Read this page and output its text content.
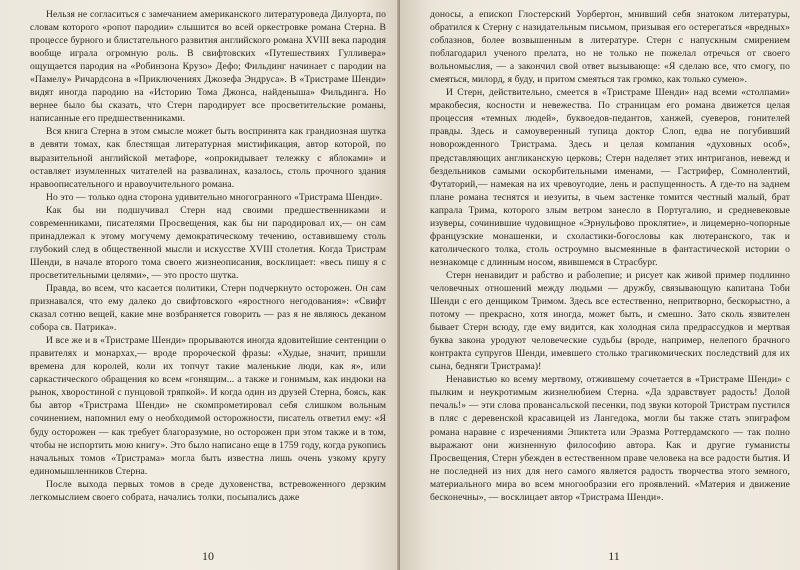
Нельзя не согласиться с замечанием американского литературоведа Дилуорта, по словам которого «ропот пародии» слышится во всей оркестровке романа Стерна. В процессе бурного и блистательного развития английского романа XVIII века пародия вообще играла огромную роль. В свифтовских «Путешествиях Гулливера» ощущается пародия на «Робинзона Крузо» Дефо; Фильдинг начинает с пародии на «Памелу» Ричардсона в «Приключениях Джозефа Эндруса». В «Тристраме Шенди» видят иногда пародию на «Историю Тома Джонса, найденыша» Фильдинга. Но вернее было бы сказать, что Стерн пародирует все просветительские романы, написанные его предшественниками.

Вся книга Стерна в этом смысле может быть воспринята как грандиозная шутка в девяти томах, как блестящая литературная мистификация, автор которой, по выразительной английской метафоре, «опрокидывает тележку с яблоками» и оставляет изумленных читателей на развалинах, казалось, столь прочного здания нравоописательного и нравоучительного романа.

Но это — только одна сторона удивительно многогранного «Тристрама Шенди».

Как бы ни подшучивал Стерн над своими предшественниками и современниками, писателями Просвещения, как бы ни пародировал их,— он сам принадлежал к этому могучему демократическому течению, оставившему столь глубокий след в общественной мысли и искусстве XVIII столетия. Когда Тристрам Шенди, в начале второго тома своего жизнеописания, восклицает: «весь пишу я с просветительными целями», — это просто шутка.

Правда, во всем, что касается политики, Стерн подчеркнуто осторожен. Он сам признавался, что ему далеко до свифтовского «яростного негодования»: «Свифт сказал сотню вещей, какие мне возбраняется говорить — раз я не являюсь деканом собора св. Патрика».

И все же и в «Тристраме Шенди» прорываются иногда ядовитейшие сентенции о правителях и монархах,— вроде пророческой фразы: «Худые, значит, пришли времена для королей, коли их топчут такие маленькие люди, как я», или саркастического обращения ко всем «гонящим... а также и гонимым, как индюки на рынок, хворостиной с пунцовой тряпкой». И когда один из друзей Стерна, боясь, как бы автор «Тристрама Шенди» не скомпрометировал себя слишком вольным сочинением, напомнил ему о необходимой осторожности, писатель ответил ему: «Я буду осторожен — как требует благоразумие, но осторожен при этом также и в том, чтобы не испортить мою книгу». Это было написано еще в 1759 году, когда рукопись начальных томов «Тристрама» могла быть известна лишь очень узкому кругу единомышленников Стерна.

После выхода первых томов в среде духовенства, встревоженного дерзким легкомыслием своего собрата, начались толки, посыпались даже

10

доносы, а епископ Глостерский Уорбертон, мнивший себя знатоком литературы, обратился к Стерну с назидательным письмом, призывая его остерегаться «вредных» соблазнов, более возвышенным в литературе. Стерн с напускным смирением поблагодарил ученого прелата, но не только не пожелал отречься от своего вольномыслия, — а закончил свой ответ вызывающе: «Я сделаю все, что смогу, по смеяться, милорд, я буду, и притом смеяться так громко, как только сумею».

И Стерн, действительно, смеется в «Тристраме Шенди» над всеми «столпами» мракобесия, косности и невежества. По страницам его романа движется целая процессия «темных людей», буквоедов-педантов, ханжей, суеверов, гонителей правды. Здесь и самоуверенный тупица доктор Слоп, едва не погубивший новорожденного Тристрама. Здесь и целая компания «духовных особ», представляющих англиканскую церковь; Стерн наделяет этих интриганов, невежд и бездельников самыми оскорбительными именами, — Гастрифер, Сомнолентий, Футаторий,— намекая на их чревоугодие, лень и распущенность. А где-то на заднем плане романа теснятся и иезуиты, в чьем застенке томится честный малый, брат капрала Трима, которого злым ветром занесло в Португалию, и средневековые изуверы, сочинившие чудовищное «Эрнульфово проклятие», и лицемерно-чопорные французские монашенки, и схоластики-богословы как лютеранского, так и католического толка, столь остроумно высмеянные в фантастической истории о незнакомце с длинным носом, явившемся в Страсбург.

Стерн ненавидит и рабство и раболепие; и рисует как живой пример подлинно человечных отношений между людьми — дружбу, связывающую капитана Тоби Шенди с его денщиком Тримом. Здесь все естественно, непритворно, бескорыстно, а потому — прекрасно, хотя иногда, может быть, и смешно. Зато сколь язвителен бывает Стерн всюду, где ему видится, как холодная сила предрассудков и мертвая буква закона уродуют человеческие судьбы (вроде, например, нелепого брачного контракта супругов Шенди, имевшего столько трагикомических последствий для их сына, бедняги Тристрама)!

Ненавистью ко всему мертвому, отжившему сочетается в «Тристраме Шенди» с пылким и неукротимым жизнелюбием Стерна. «Да здравствует радость! Долой печаль!» — эти слова провансальской песенки, под звуки которой Тристрам пустился в пляс с деревенской красавицей из Лангедока, могли бы также стать эпиграфом романа наравне с изречениями Эпиктета или Эразма Роттердамского — так полно выражают они жизненную философию автора. Как и другие гуманисты Просвещения, Стерн убежден в естественном праве человека на все радости бытия. И не последней из них для него самого является радость творчества этого земного, материального мира во всем многообразии его проявлений. «Материя и движение бесконечны», — восклицает автор «Тристрама Шенди».

11
